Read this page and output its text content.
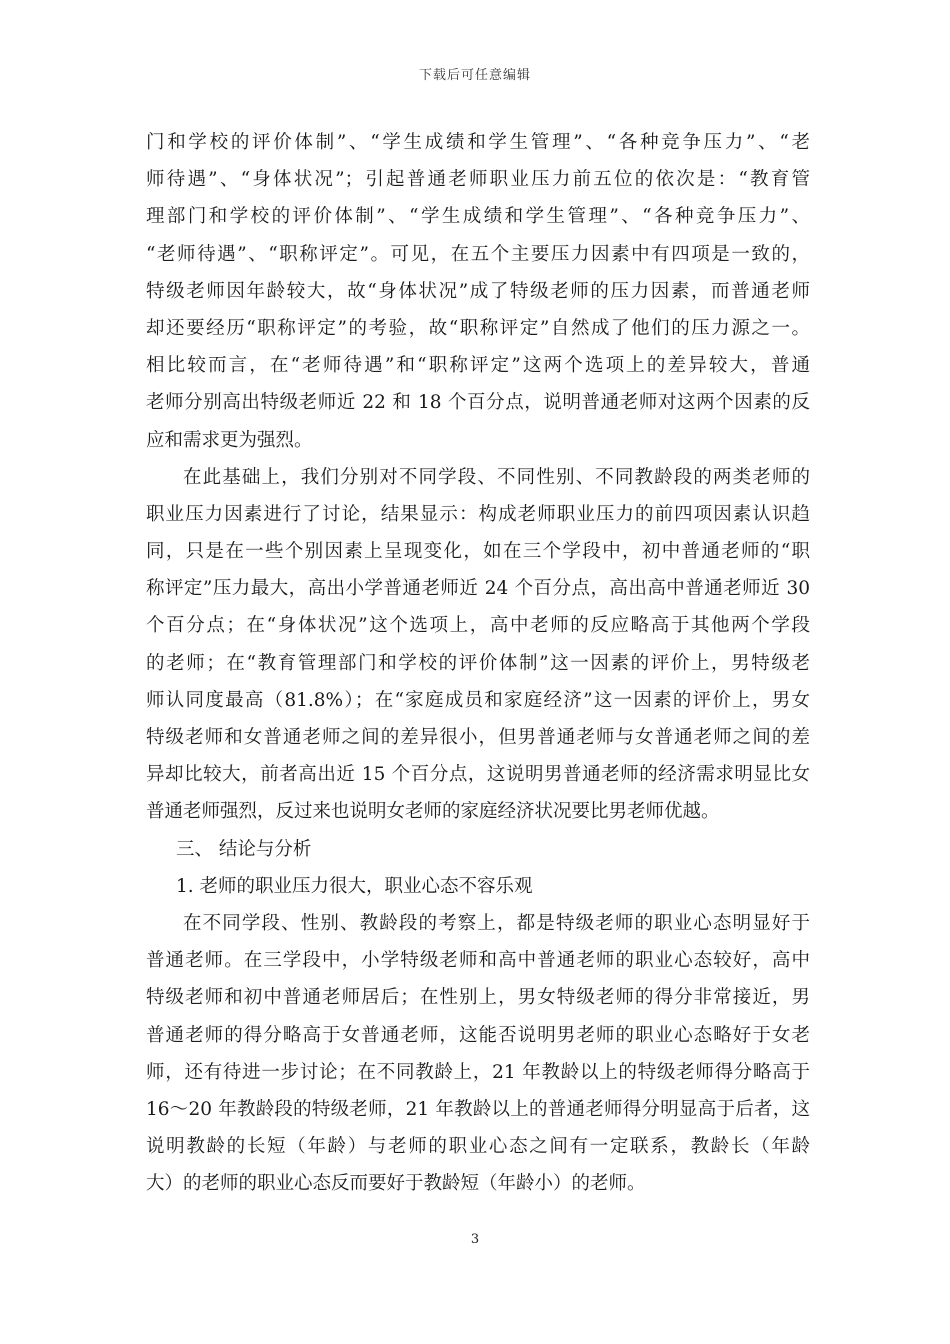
下载后可任意编辑
门和学校的评价体制”、“学生成绩和学生管理”、“各种竞争压力”、“老
师待遇”、“身体状况”；引起普通老师职业压力前五位的依次是：“教育管
理部门和学校的评价体制”、“学生成绩和学生管理”、“各种竞争压力”、
“老师待遇”、“职称评定”。可见，在五个主要压力因素中有四项是一致的，
特级老师因年龄较大，故“身体状况”成了特级老师的压力因素，而普通老师
却还要经历“职称评定”的考验，故“职称评定”自然成了他们的压力源之一。
相比较而言，在“老师待遇”和“职称评定”这两个选项上的差异较大，普通
老师分别高出特级老师近 22 和 18 个百分点，说明普通老师对这两个因素的反
应和需求更为强烈。
在此基础上，我们分别对不同学段、不同性别、不同教龄段的两类老师的
职业压力因素进行了讨论，结果显示：构成老师职业压力的前四项因素认识趋
同，只是在一些个别因素上呈现变化，如在三个学段中，初中普通老师的“职
称评定”压力最大，高出小学普通老师近 24 个百分点，高出高中普通老师近 30
个百分点；在“身体状况”这个选项上，高中老师的反应略高于其他两个学段
的老师；在“教育管理部门和学校的评价体制”这一因素的评价上，男特级老
师认同度最高（81.8%）；在“家庭成员和家庭经济”这一因素的评价上，男女
特级老师和女普通老师之间的差异很小，但男普通老师与女普通老师之间的差
异却比较大，前者高出近 15 个百分点，这说明男普通老师的经济需求明显比女
普通老师强烈，反过来也说明女老师的家庭经济状况要比男老师优越。
三、 结论与分析
1. 老师的职业压力很大，职业心态不容乐观
在不同学段、性别、教龄段的考察上，都是特级老师的职业心态明显好于
普通老师。在三学段中，小学特级老师和高中普通老师的职业心态较好，高中
特级老师和初中普通老师居后；在性别上，男女特级老师的得分非常接近，男
普通老师的得分略高于女普通老师，这能否说明男老师的职业心态略好于女老
师，还有待进一步讨论；在不同教龄上，21 年教龄以上的特级老师得分略高于
16～20 年教龄段的特级老师，21 年教龄以上的普通老师得分明显高于后者，这
说明教龄的长短（年龄）与老师的职业心态之间有一定联系，教龄长（年龄
大）的老师的职业心态反而要好于教龄短（年龄小）的老师。
3
